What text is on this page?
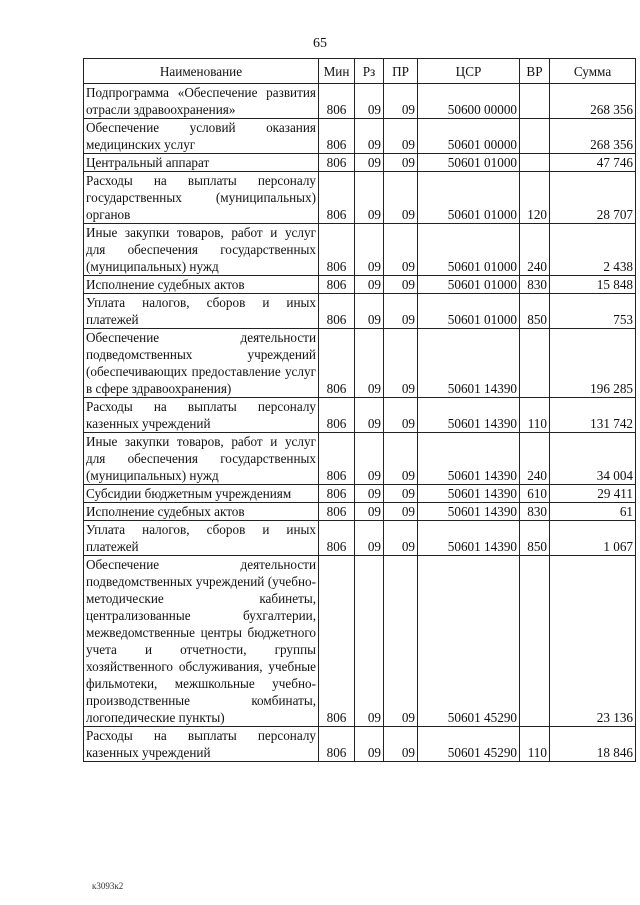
65
Наименование	Мин	Рз	ПР	ЦСР	ВР	Сумма
Подпрограмма «Обеспечение развития отрасли здравоохранения»	806	09	09	50600 00000		268 356
Обеспечение условий оказания медицинских услуг	806	09	09	50601 00000		268 356
Центральный аппарат	806	09	09	50601 01000		47 746
Расходы на выплаты персоналу государственных (муниципальных) органов	806	09	09	50601 01000	120	28 707
Иные закупки товаров, работ и услуг для обеспечения государственных (муниципальных) нужд	806	09	09	50601 01000	240	2 438
Исполнение судебных актов	806	09	09	50601 01000	830	15 848
Уплата налогов, сборов и иных платежей	806	09	09	50601 01000	850	753
Обеспечение деятельности подведомственных учреждений (обеспечивающих предоставление услуг в сфере здравоохранения)	806	09	09	50601 14390		196 285
Расходы на выплаты персоналу казенных учреждений	806	09	09	50601 14390	110	131 742
Иные закупки товаров, работ и услуг для обеспечения государственных (муниципальных) нужд	806	09	09	50601 14390	240	34 004
Субсидии бюджетным учреждениям	806	09	09	50601 14390	610	29 411
Исполнение судебных актов	806	09	09	50601 14390	830	61
Уплата налогов, сборов и иных платежей	806	09	09	50601 14390	850	1 067
Обеспечение деятельности подведомственных учреждений (учебно-методические кабинеты, централизованные бухгалтерии, межведомственные центры бюджетного учета и отчетности, группы хозяйственного обслуживания, учебные фильмотеки, межшкольные учебно-производственные комбинаты, логопедические пункты)	806	09	09	50601 45290		23 136
Расходы на выплаты персоналу казенных учреждений	806	09	09	50601 45290	110	18 846
к3093к2
